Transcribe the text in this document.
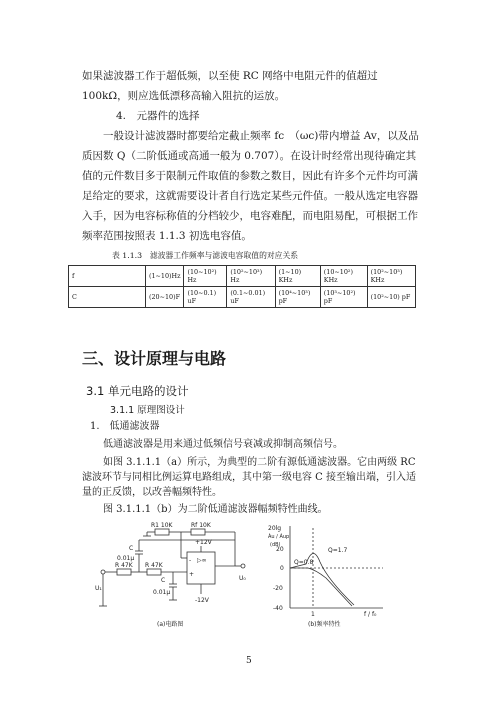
如果滤波器工作于超低频，以至使 RC 网络中电阻元件的值超过 100kΩ，则应选低漂移高输入阻抗的运放。

4.　元器件的选择

一般设计滤波器时都要给定截止频率 fc　（ωc)带内增益 Av，以及品质因数 Q（二阶低通或高通一般为 0.707）。在设计时经常出现待确定其值的元件数目多于限制元件取值的参数之数目，因此有许多个元件均可满足给定的要求，这就需要设计者自行选定某些元件值。一般从选定电容器入手，因为电容标称值的分档较少，电容难配，而电阻易配，可根据工作频率范围按照表 1.1.3 初选电容值。

表 1.1.3　滤波器工作频率与滤波电容取值的对应关系
f	(1~10)Hz	(10~10²) Hz	(10²~10³) Hz	(1~10) KHz	(10~10²) KHz	(10²~10³) KHz
C	(20~10)F	(10~0.1) uF	(0.1~0.01) uF	(10⁴~10³) pF	(10³~10²) pF	(10²~10) pF
三、设计原理与电路
3.1 单元电路的设计
3.1.1 原理图设计

1.　低通滤波器

低通滤波器是用来通过低频信号衰减或抑制高频信号。

如图 3.1.1.1（a）所示，为典型的二阶有源低通滤波器。它由两级 RC 滤波环节与同相比例运算电路组成，其中第一级电容 C 接至输出端，引入适量的正反馈，以改善幅频特性。

图 3.1.1.1（b）为二阶低通滤波器幅频特性曲线。

Rf 10K
R1 10K
R 47K R 47K
C
C
0.01μ
0.01μ
+12V
-12V
▷∞
+
-
U₁
U₀
(a)电路图
20lg
Ȧu / Ȧup
(dB)
20
0
-20
-40
1	f / f₀
Q=1.7
Q=0.8
(b)频率特性
5
